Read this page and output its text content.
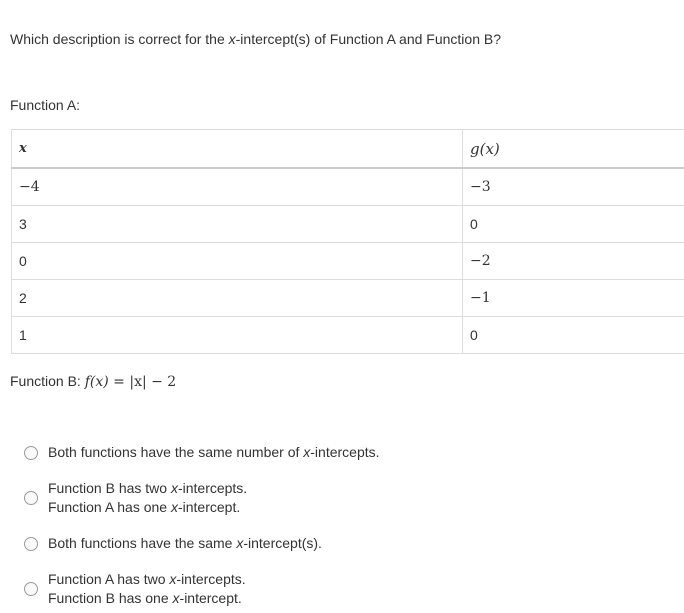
Which description is correct for the x-intercept(s) of Function A and Function B?
Function A:
x	g(x)
−4	−3
3	0
0	−2
2	−1
1	0
Function B: f(x) = |x| − 2
Both functions have the same number of x-intercepts.
Function B has two x-intercepts.
Function A has one x-intercept.
Both functions have the same x-intercept(s).
Function A has two x-intercepts.
Function B has one x-intercept.
